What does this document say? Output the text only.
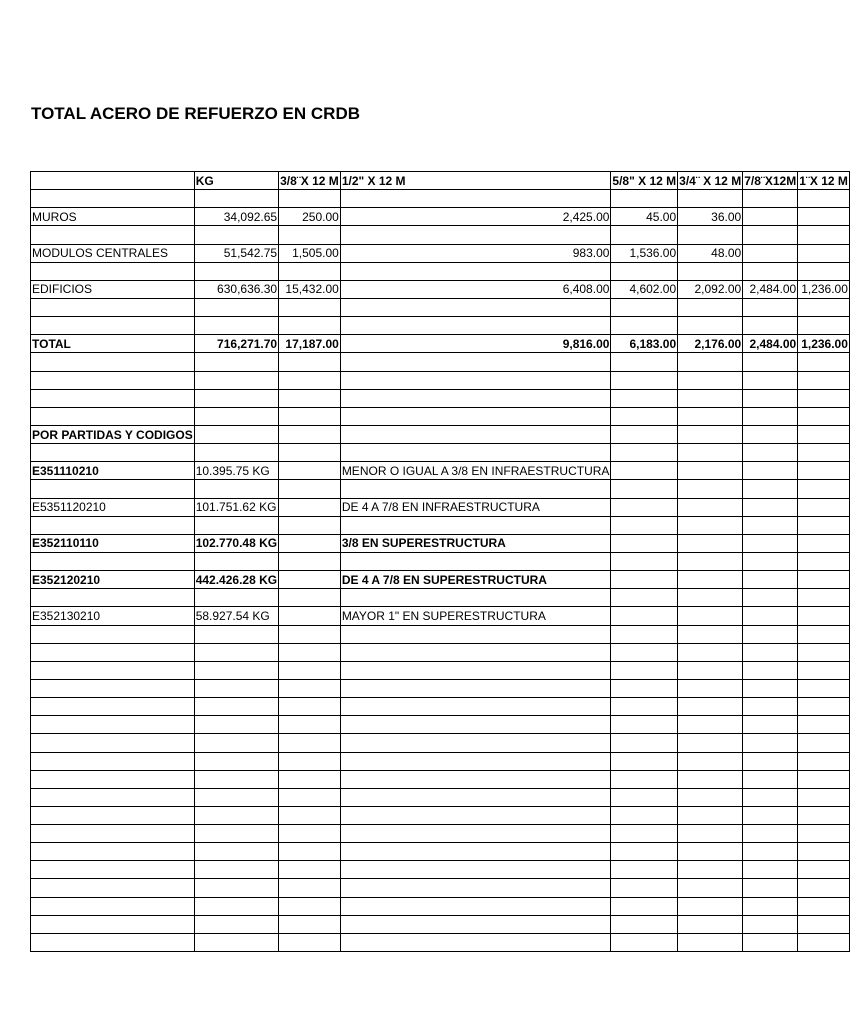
TOTAL ACERO DE REFUERZO EN CRDB
	KG	3/8¨X 12 M	1/2" X 12 M	5/8" X 12 M	3/4¨ X 12 M	7/8¨X12M	1¨X 12 M

MUROS	34,092.65	250.00	2,425.00	45.00	36.00		

MODULOS CENTRALES	51,542.75	1,505.00	983.00	1,536.00	48.00		

EDIFICIOS	630,636.30	15,432.00	6,408.00	4,602.00	2,092.00	2,484.00	1,236.00

TOTAL	716,271.70	17,187.00	9,816.00	6,183.00	2,176.00	2,484.00	1,236.00

POR PARTIDAS Y CODIGOS							

E351110210	10.395.75 KG		MENOR O IGUAL A 3/8 EN INFRAESTRUCTURA				

E5351120210	101.751.62 KG		DE 4 A 7/8 EN INFRAESTRUCTURA				

E352110110	102.770.48 KG		3/8 EN SUPERESTRUCTURA				

E352120210	442.426.28 KG		DE 4 A 7/8 EN SUPERESTRUCTURA				

E352130210	58.927.54 KG		MAYOR 1" EN SUPERESTRUCTURA				
